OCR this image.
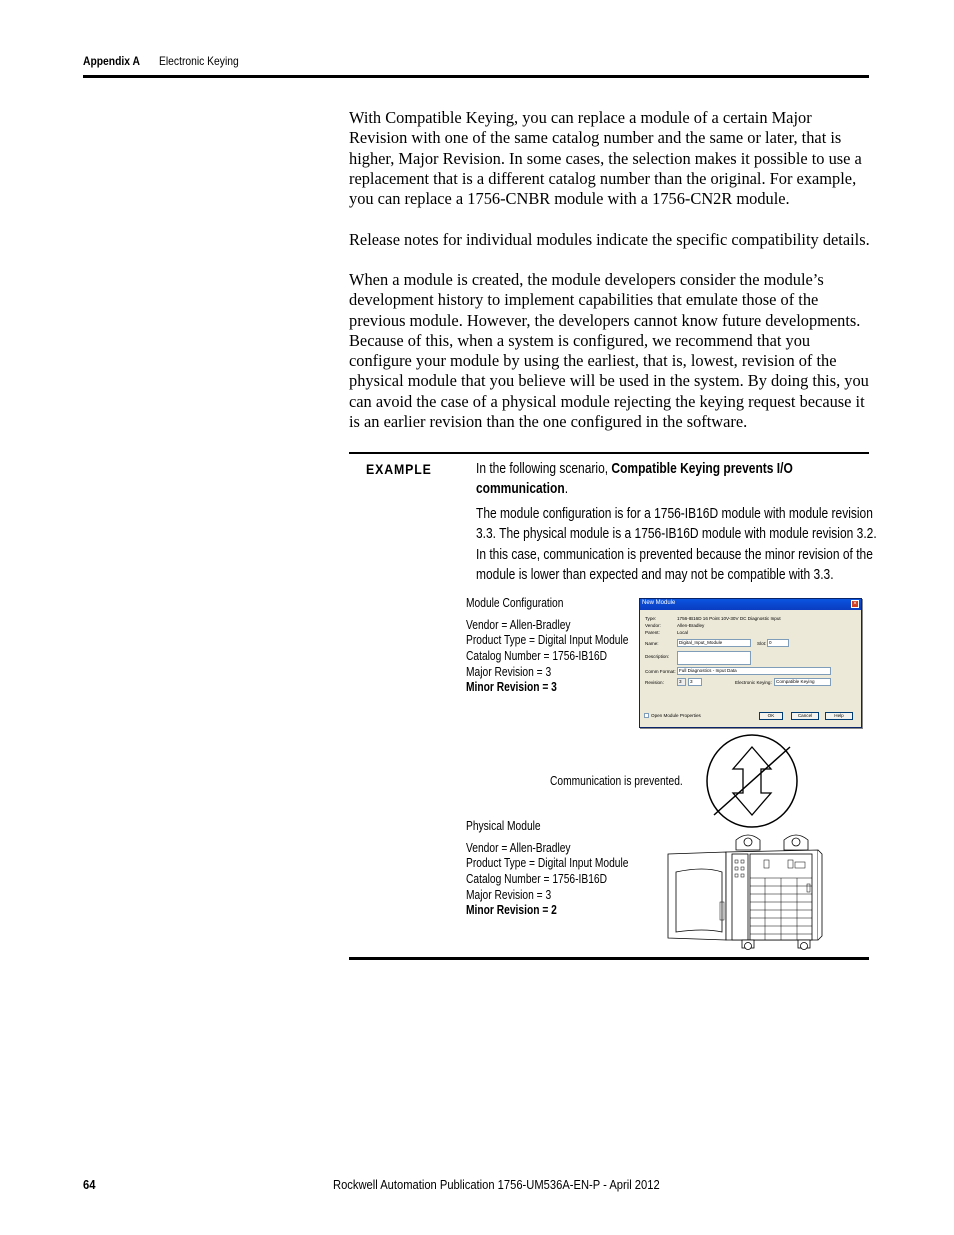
Appendix A Electronic Keying
With Compatible Keying, you can replace a module of a certain Major Revision with one of the same catalog number and the same or later, that is higher, Major Revision. In some cases, the selection makes it possible to use a replacement that is a different catalog number than the original. For example, you can replace a 1756-CNBR module with a 1756-CN2R module.
Release notes for individual modules indicate the specific compatibility details.
When a module is created, the module developers consider the module’s development history to implement capabilities that emulate those of the previous module. However, the developers cannot know future developments. Because of this, when a system is configured, we recommend that you configure your module by using the earliest, that is, lowest, revision of the physical module that you believe will be used in the system. By doing this, you can avoid the case of a physical module rejecting the keying request because it is an earlier revision than the one configured in the software.
EXAMPLE	In the following scenario, Compatible Keying prevents I/O
communication.
The module configuration is for a 1756-IB16D module with module revision
3.3. The physical module is a 1756-IB16D module with module revision 3.2.
In this case, communication is prevented because the minor revision of the
module is lower than expected and may not be compatible with 3.3.
Module Configuration
Vendor = Allen-Bradley
Product Type = Digital Input Module
Catalog Number = 1756-IB16D
Major Revision = 3
Minor Revision = 3
New Module	×
Type:	1756-IB16D 16 Point 10V-30V DC Diagnostic Input
Vendor:	Allen-Bradley
Parent:	Local
Name:	Digital_Input_Module	Slot: 0
Description:
Comm Format: Full Diagnostics - Input Data
Revision:	3	3	Electronic Keying: Compatible Keying
Open Module Properties	OK	Cancel	Help
Communication is prevented.
Physical Module
Vendor = Allen-Bradley
Product Type = Digital Input Module
Catalog Number = 1756-IB16D
Major Revision = 3
Minor Revision = 2
64	Rockwell Automation Publication 1756-UM536A-EN-P - April 2012
